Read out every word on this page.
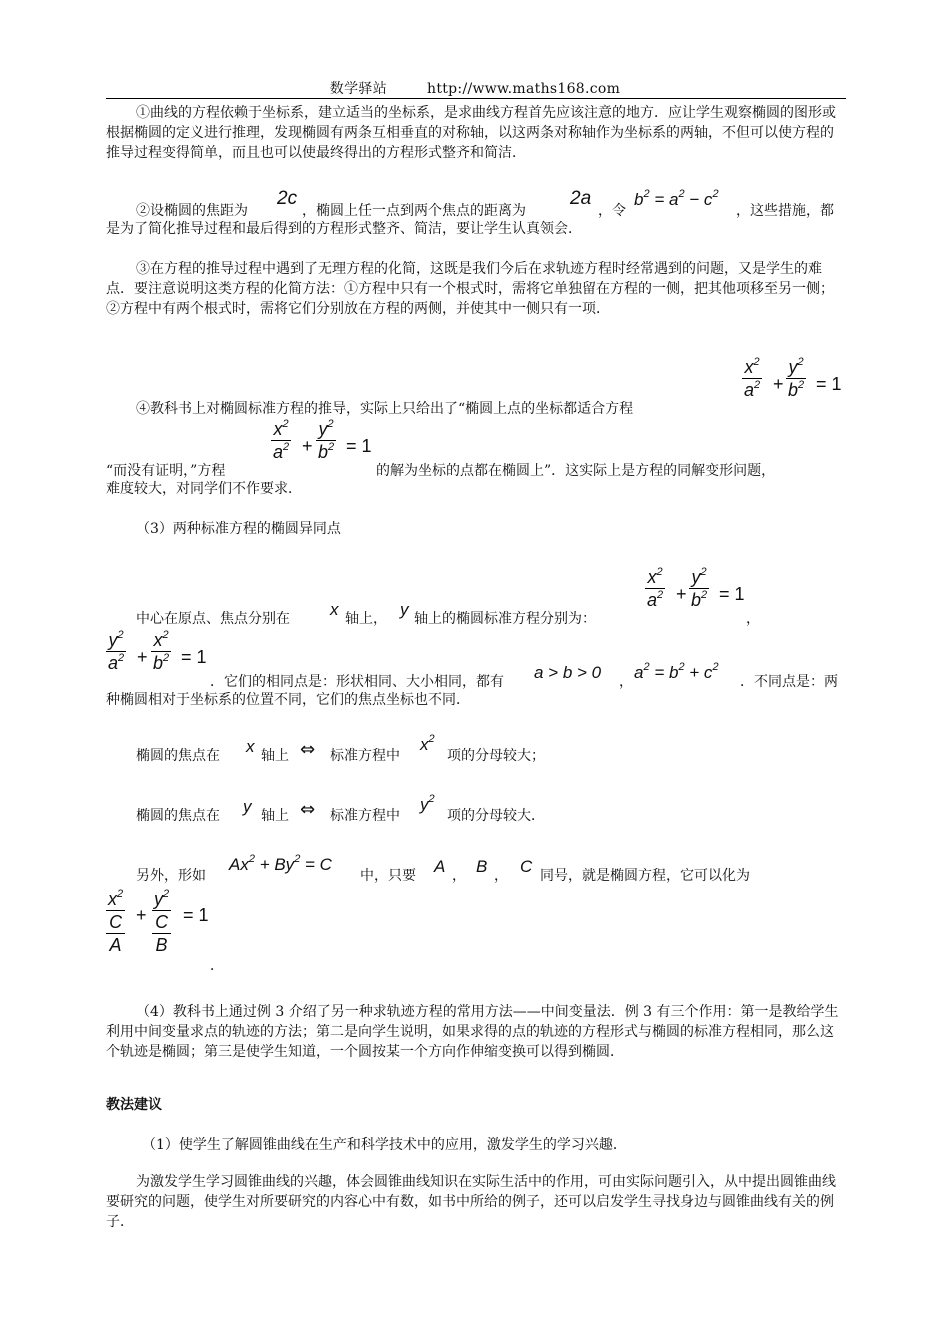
数学驿站	http://www.maths168.com
①曲线的方程依赖于坐标系，建立适当的坐标系，是求曲线方程首先应该注意的地方．应让学生观察椭圆的图形或根据椭圆的定义进行推理，发现椭圆有两条互相垂直的对称轴，以这两条对称轴作为坐标系的两轴，不但可以使方程的推导过程变得简单，而且也可以使最终得出的方程形式整齐和简洁．
②设椭圆的焦距为
2c
，椭圆上任一点到两个焦点的距离为
2a
，令
$b^2 = a^2 - c^2$
，这些措施，都
是为了简化推导过程和最后得到的方程形式整齐、简洁，要让学生认真领会．
③在方程的推导过程中遇到了无理方程的化简，这既是我们今后在求轨迹方程时经常遇到的问题，又是学生的难点．要注意说明这类方程的化简方法：①方程中只有一个根式时，需将它单独留在方程的一侧，把其他项移至另一侧；②方程中有两个根式时，需将它们分别放在方程的两侧，并使其中一侧只有一项．
$x^2$
$a^2$ +
$y^2$
$b^2 = 1$
④教科书上对椭圆标准方程的推导，实际上只给出了“椭圆上点的坐标都适合方程
$x^2$
$a^2$ +
$y^2$
$b^2 = 1$
“而没有证明，”方程	的解为坐标的点都在椭圆上”．这实际上是方程的同解变形问题，
难度较大，对同学们不作要求．
（3）两种标准方程的椭圆异同点
$x^2$
$a^2$ +
$y^2$
$b^2 = 1$
中心在原点、焦点分别在 x 轴上， y 轴上的椭圆标准方程分别为：	，
$y^2$
$a^2$ +
$x^2$
$b^2 = 1$
．它们的相同点是：形状相同、大小相同，都有 a > b > 0 ， $a^2 = b^2 + c^2$
．不同点是：两
种椭圆相对于坐标系的位置不同，它们的焦点坐标也不同．
椭圆的焦点在 x 轴上 ⇔ 标准方程中
$x^2$
项的分母较大；
椭圆的焦点在 y 轴上 ⇔ 标准方程中
$y^2$
项的分母较大．
另外，形如
$Ax^2 + By^2 = C$
中，只要 A ， B ， C 同号，就是椭圆方程，它可以化为
$x^2$
C
A
+
$y^2$
C
B
= 1
．
（4）教科书上通过例 3 介绍了另一种求轨迹方程的常用方法——中间变量法．例 3 有三个作用：第一是教给学生利用中间变量求点的轨迹的方法；第二是向学生说明，如果求得的点的轨迹的方程形式与椭圆的标准方程相同，那么这个轨迹是椭圆；第三是使学生知道，一个圆按某一个方向作伸缩变换可以得到椭圆．
教法建议
（1）使学生了解圆锥曲线在生产和科学技术中的应用，激发学生的学习兴趣．
为激发学生学习圆锥曲线的兴趣，体会圆锥曲线知识在实际生活中的作用，可由实际问题引入，从中提出圆锥曲线要研究的问题，使学生对所要研究的内容心中有数，如书中所给的例子，还可以启发学生寻找身边与圆锥曲线有关的例子．
